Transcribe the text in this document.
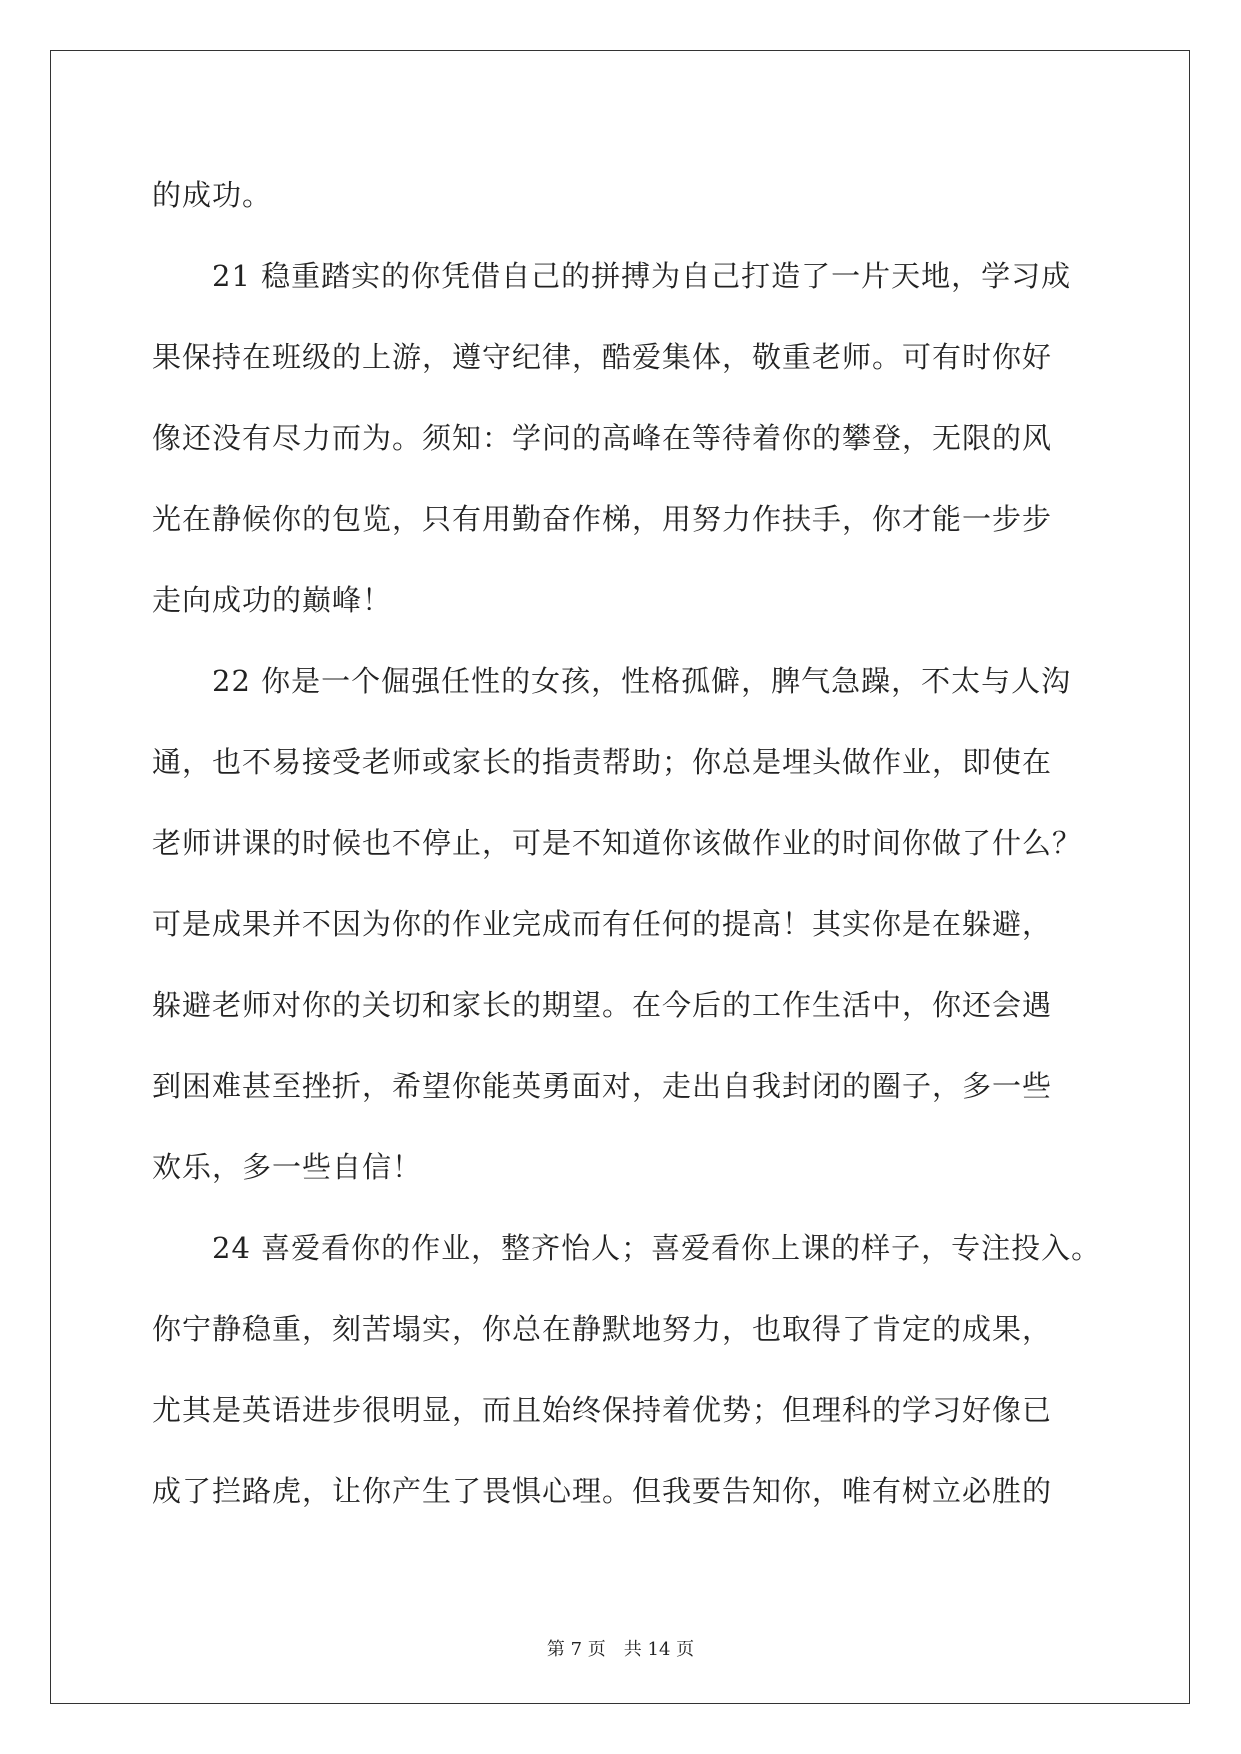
的成功。
　　21 稳重踏实的你凭借自己的拼搏为自己打造了一片天地，学习成
果保持在班级的上游，遵守纪律，酷爱集体，敬重老师。可有时你好
像还没有尽力而为。须知：学问的高峰在等待着你的攀登，无限的风
光在静候你的包览，只有用勤奋作梯，用努力作扶手，你才能一步步
走向成功的巅峰！
　　22 你是一个倔强任性的女孩，性格孤僻，脾气急躁，不太与人沟
通，也不易接受老师或家长的指责帮助；你总是埋头做作业，即使在
老师讲课的时候也不停止，可是不知道你该做作业的时间你做了什么？
可是成果并不因为你的作业完成而有任何的提高！其实你是在躲避，
躲避老师对你的关切和家长的期望。在今后的工作生活中，你还会遇
到困难甚至挫折，希望你能英勇面对，走出自我封闭的圈子，多一些
欢乐，多一些自信！
　　24 喜爱看你的作业，整齐怡人；喜爱看你上课的样子，专注投入。
你宁静稳重，刻苦塌实，你总在静默地努力，也取得了肯定的成果，
尤其是英语进步很明显，而且始终保持着优势；但理科的学习好像已
成了拦路虎，让你产生了畏惧心理。但我要告知你，唯有树立必胜的
第 7 页　共 14 页
